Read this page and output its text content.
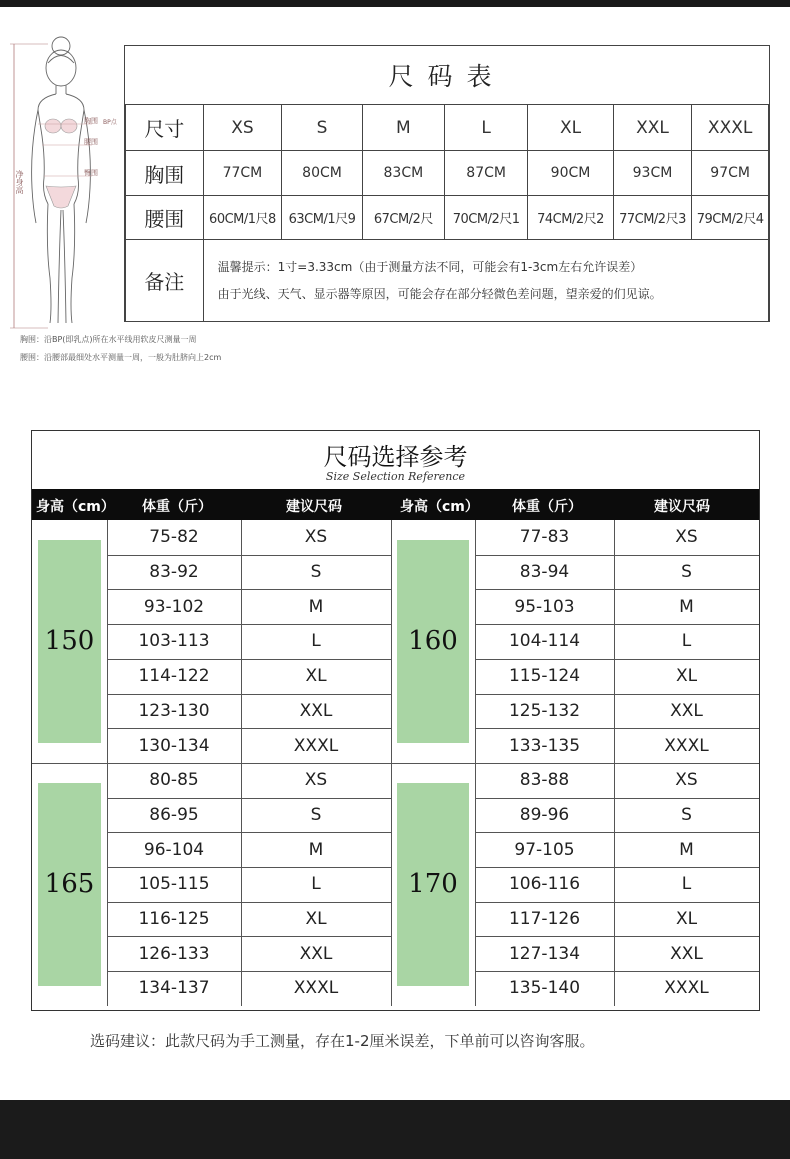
胸围 BP点
腰围
臀围
净身高
胸围：沿BP(即乳点)所在水平线用软皮尺测量一周
腰围：沿腰部最细处水平测量一周，一般为肚脐向上2cm
尺码表
尺寸	XS	S	M	L	XL	XXL	XXXL
胸围	77CM	80CM	83CM	87CM	90CM	93CM	97CM
腰围	60CM/1尺8	63CM/1尺9	67CM/2尺	70CM/2尺1	74CM/2尺2	77CM/2尺3	79CM/2尺4
备注	温馨提示：1寸=3.33cm（由于测量方法不同，可能会有1-3cm左右允许误差）
由于光线、天气、显示器等原因，可能会存在部分轻微色差问题，望亲爱的们见谅。						
尺码选择参考
Size Selection Reference
身高（cm） 体重（斤）	建议尺码	身高（cm） 体重（斤）	建议尺码
150
75-82	XS
83-92	S
93-102	M
103-113	L
114-122	XL
123-130	XXL
130-134	XXXL
160
77-83	XS
83-94	S
95-103	M
104-114	L
115-124	XL
125-132	XXL
133-135	XXXL
165
80-85	XS
86-95	S
96-104	M
105-115	L
116-125	XL
126-133	XXL
134-137	XXXL
170
83-88	XS
89-96	S
97-105	M
106-116	L
117-126	XL
127-134	XXL
135-140	XXXL
选码建议：此款尺码为手工测量，存在1-2厘米误差，下单前可以咨询客服。
